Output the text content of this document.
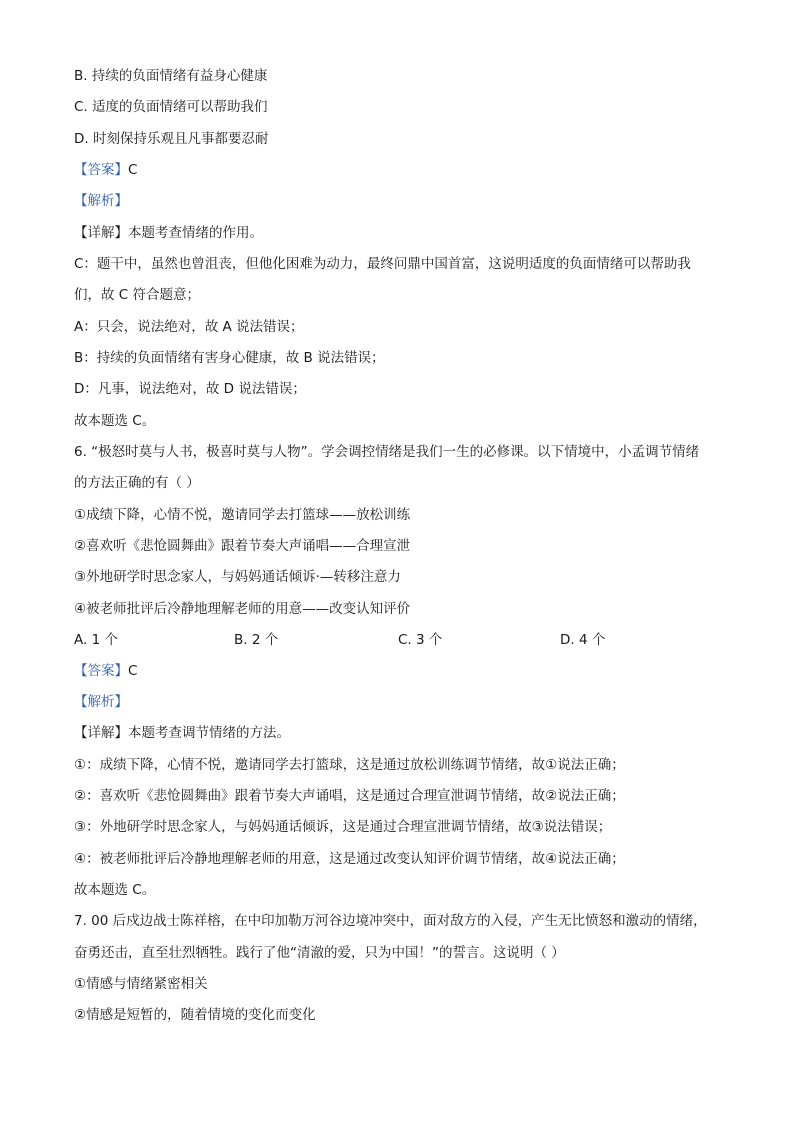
B. 持续的负面情绪有益身心健康
C. 适度的负面情绪可以帮助我们
D. 时刻保持乐观且凡事都要忍耐
【答案】C
【解析】
【详解】本题考查情绪的作用。
C：题干中，虽然也曾沮丧，但他化困难为动力，最终问鼎中国首富，这说明适度的负面情绪可以帮助我
们，故 C 符合题意；
A：只会，说法绝对，故 A 说法错误；
B：持续的负面情绪有害身心健康，故 B 说法错误；
D：凡事，说法绝对，故 D 说法错误；
故本题选 C。
6. “极怒时莫与人书，极喜时莫与人物”。学会调控情绪是我们一生的必修课。以下情境中，小孟调节情绪
的方法正确的有（ ）
①成绩下降，心情不悦，邀请同学去打篮球——放松训练
②喜欢听《悲怆圆舞曲》跟着节奏大声诵唱——合理宣泄
③外地研学时思念家人，与妈妈通话倾诉·—转移注意力
④被老师批评后冷静地理解老师的用意——改变认知评价
A. 1 个	B. 2 个	C. 3 个	D. 4 个
【答案】C
【解析】
【详解】本题考查调节情绪的方法。
①：成绩下降，心情不悦，邀请同学去打篮球，这是通过放松训练调节情绪，故①说法正确；
②：喜欢听《悲怆圆舞曲》跟着节奏大声诵唱，这是通过合理宣泄调节情绪，故②说法正确；
③：外地研学时思念家人，与妈妈通话倾诉，这是通过合理宣泄调节情绪，故③说法错误；
④：被老师批评后冷静地理解老师的用意，这是通过改变认知评价调节情绪，故④说法正确；
故本题选 C。
7. 00 后戍边战士陈祥榕，在中印加勒万河谷边境冲突中，面对敌方的入侵，产生无比愤怒和激动的情绪，
奋勇还击，直至壮烈牺牲。践行了他“清澈的爱，只为中国！”的誓言。这说明（ ）
①情感与情绪紧密相关
②情感是短暂的，随着情境的变化而变化
